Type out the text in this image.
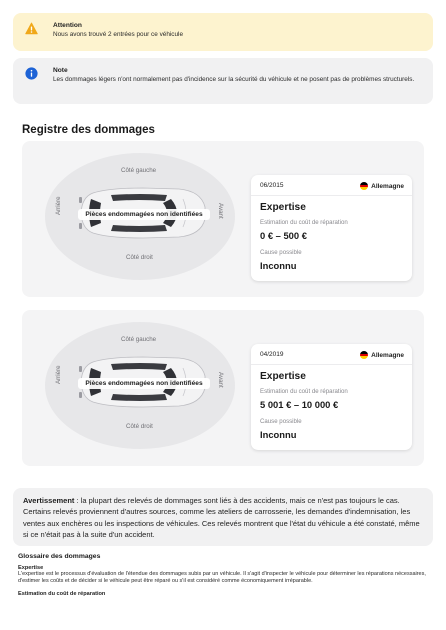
Attention
Nous avons trouvé 2 entrées pour ce véhicule
Note
Les dommages légers n'ont normalement pas d'incidence sur la sécurité du véhicule et ne posent pas de problèmes structurels.
Registre des dommages
Côté gauche
Côté droit
Arrière	Avant
Pièces endommagées non identifiées
06/2015	Allemagne
Expertise
Estimation du coût de réparation
0 € – 500 €
Cause possible
Inconnu
Côté gauche
Côté droit
Arrière	Avant
Pièces endommagées non identifiées
04/2019	Allemagne
Expertise
Estimation du coût de réparation
5 001 € – 10 000 €
Cause possible
Inconnu
Avertissement : la plupart des relevés de dommages sont liés à des accidents, mais ce n'est pas toujours le cas. Certains relevés proviennent d'autres sources, comme les ateliers de carrosserie, les demandes d'indemnisation, les ventes aux enchères ou les inspections de véhicules. Ces relevés montrent que l'état du véhicule a été constaté, même si ce n'était pas à la suite d'un accident.
Glossaire des dommages
Expertise
L'expertise est le processus d'évaluation de l'étendue des dommages subis par un véhicule. Il s'agit d'inspecter le véhicule pour déterminer les réparations nécessaires, d'estimer les coûts et de décider si le véhicule peut être réparé ou s'il est considéré comme économiquement irréparable.
Estimation du coût de réparation
